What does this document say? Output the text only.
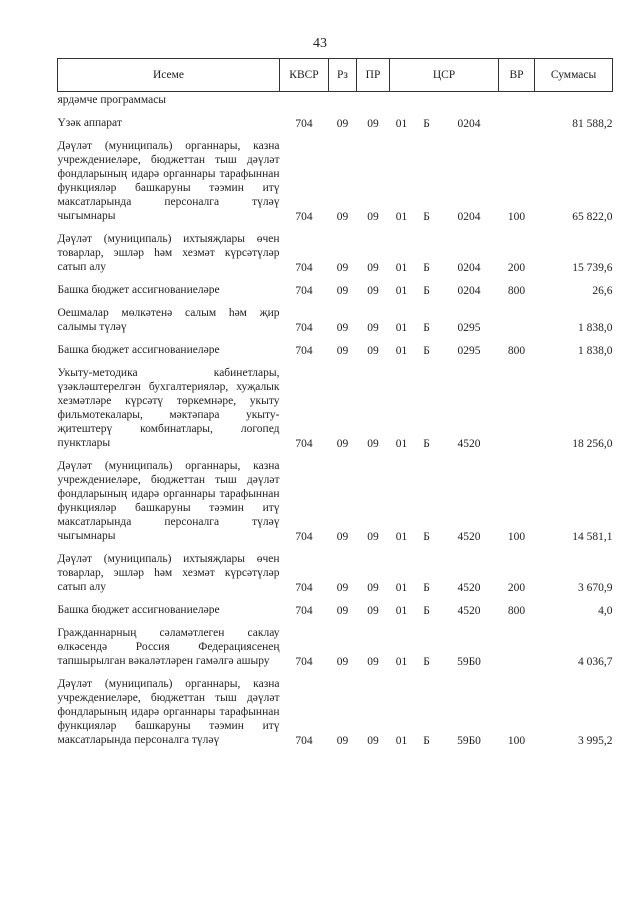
43
Исеме	КВСР	Рз	ПР	ЦСР			ВР	Суммасы
ярдәмче программасы								
Үзәк аппарат	704	09	09	01	Б	0204		81 588,2
Дәүләт (муниципаль) органнары, казна учреждениеләре, бюджеттан тыш дәүләт фондларының идарә органнары тарафыннан функцияләр башкаруны тәэмин итү максатларында персоналга түләү чыгымнары	704	09	09	01	Б	0204	100	65 822,0
Дәүләт (муниципаль) ихтыяҗлары өчен товарлар, эшләр һәм хезмәт күрсәтүләр сатып алу	704	09	09	01	Б	0204	200	15 739,6
Башка бюджет ассигнованиеләре	704	09	09	01	Б	0204	800	26,6
Оешмалар мөлкәтенә салым һәм җир салымы түләү	704	09	09	01	Б	0295		1 838,0
Башка бюджет ассигнованиеләре	704	09	09	01	Б	0295	800	1 838,0
Укыту-методика кабинетлары, үзәкләштерелгән бухгалтерияләр, хуҗалык хезмәтләре күрсәтү төркемнәре, укыту фильмотекалары, мәктәпара укыту-җитештерү комбинатлары, логопед пунктлары	704	09	09	01	Б	4520		18 256,0
Дәүләт (муниципаль) органнары, казна учреждениеләре, бюджеттан тыш дәүләт фондларының идарә органнары тарафыннан функцияләр башкаруны тәэмин итү максатларында персоналга түләү чыгымнары	704	09	09	01	Б	4520	100	14 581,1
Дәүләт (муниципаль) ихтыяҗлары өчен товарлар, эшләр һәм хезмәт күрсәтүләр сатып алу	704	09	09	01	Б	4520	200	3 670,9
Башка бюджет ассигнованиеләре	704	09	09	01	Б	4520	800	4,0
Гражданнарның сәламәтлеген саклау өлкәсендә Россия Федерациясенең тапшырылган вәкаләтләрен гамәлгә ашыру	704	09	09	01	Б	59Б0		4 036,7
Дәүләт (муниципаль) органнары, казна учреждениеләре, бюджеттан тыш дәүләт фондларының идарә органнары тарафыннан функцияләр башкаруны тәэмин итү максатларында персоналга түләү	704	09	09	01	Б	59Б0	100	3 995,2
